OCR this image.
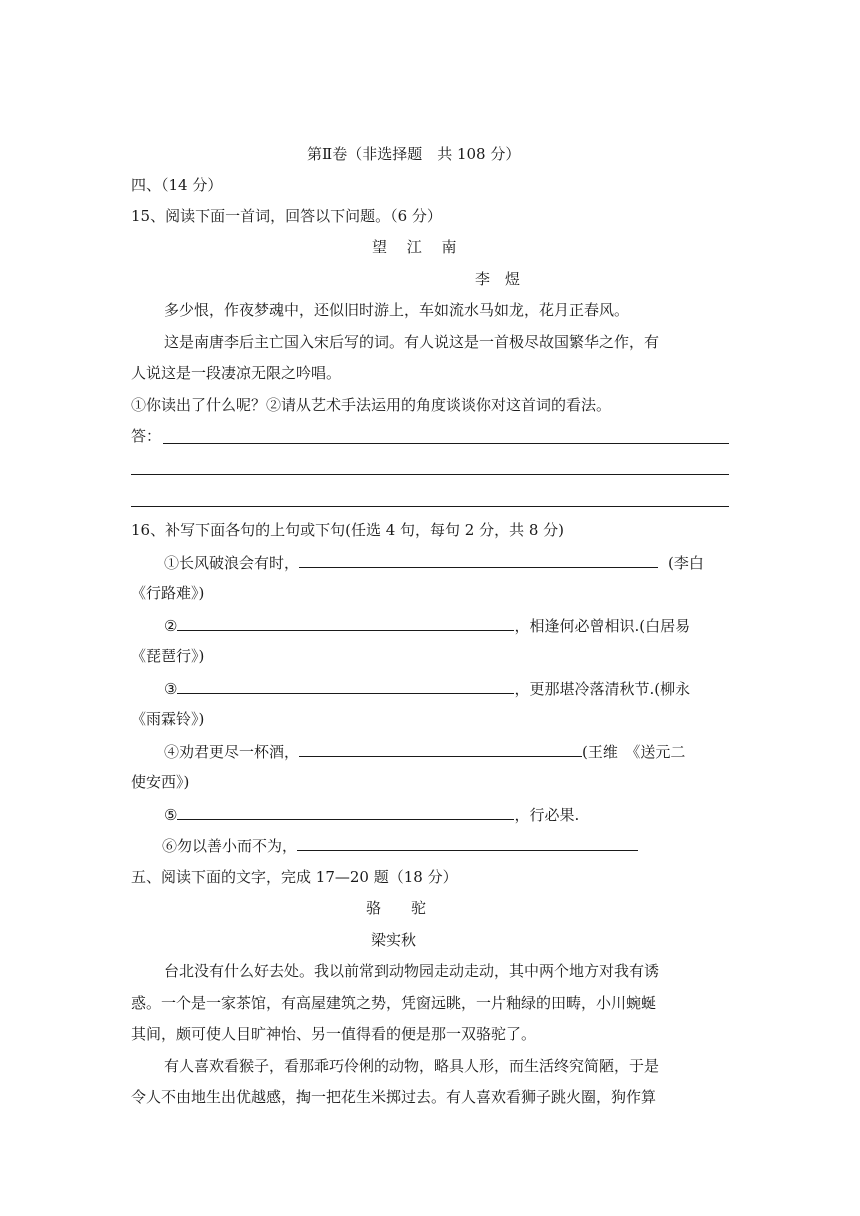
第Ⅱ卷（非选择题　共 108 分）
四、（14 分）
15、阅读下面一首词，回答以下问题。（6 分）
望　 江　 南
李　煜
多少恨，作夜梦魂中，还似旧时游上，车如流水马如龙，花月正春风。
这是南唐李后主亡国入宋后写的词。有人说这是一首极尽故国繁华之作，有
人说这是一段凄凉无限之吟唱。
①你读出了什么呢？②请从艺术手法运用的角度谈谈你对这首词的看法。
答：
16、补写下面各句的上句或下句(任选 4 句，每句 2 分，共 8 分)
①长风破浪会有时，	(李白
《行路难》)
②	，相逢何必曾相识.(白居易
《琵琶行》)
③	，更那堪冷落清秋节.(柳永
《雨霖铃》)
④劝君更尽一杯酒，	(王维　《送元二
使安西》)
⑤	，行必果.
⑥勿以善小而不为，
五、阅读下面的文字，完成 17—20 题（18 分）
骆　　驼
梁实秋
台北没有什么好去处。我以前常到动物园走动走动，其中两个地方对我有诱
惑。一个是一家茶馆，有高屋建筑之势，凭窗远眺，一片釉绿的田畴，小川蜿蜒
其间，颇可使人目旷神怡、另一值得看的便是那一双骆驼了。
有人喜欢看猴子，看那乖巧伶俐的动物，略具人形，而生活终究简陋，于是
令人不由地生出优越感，掏一把花生米掷过去。有人喜欢看狮子跳火圈，狗作算
